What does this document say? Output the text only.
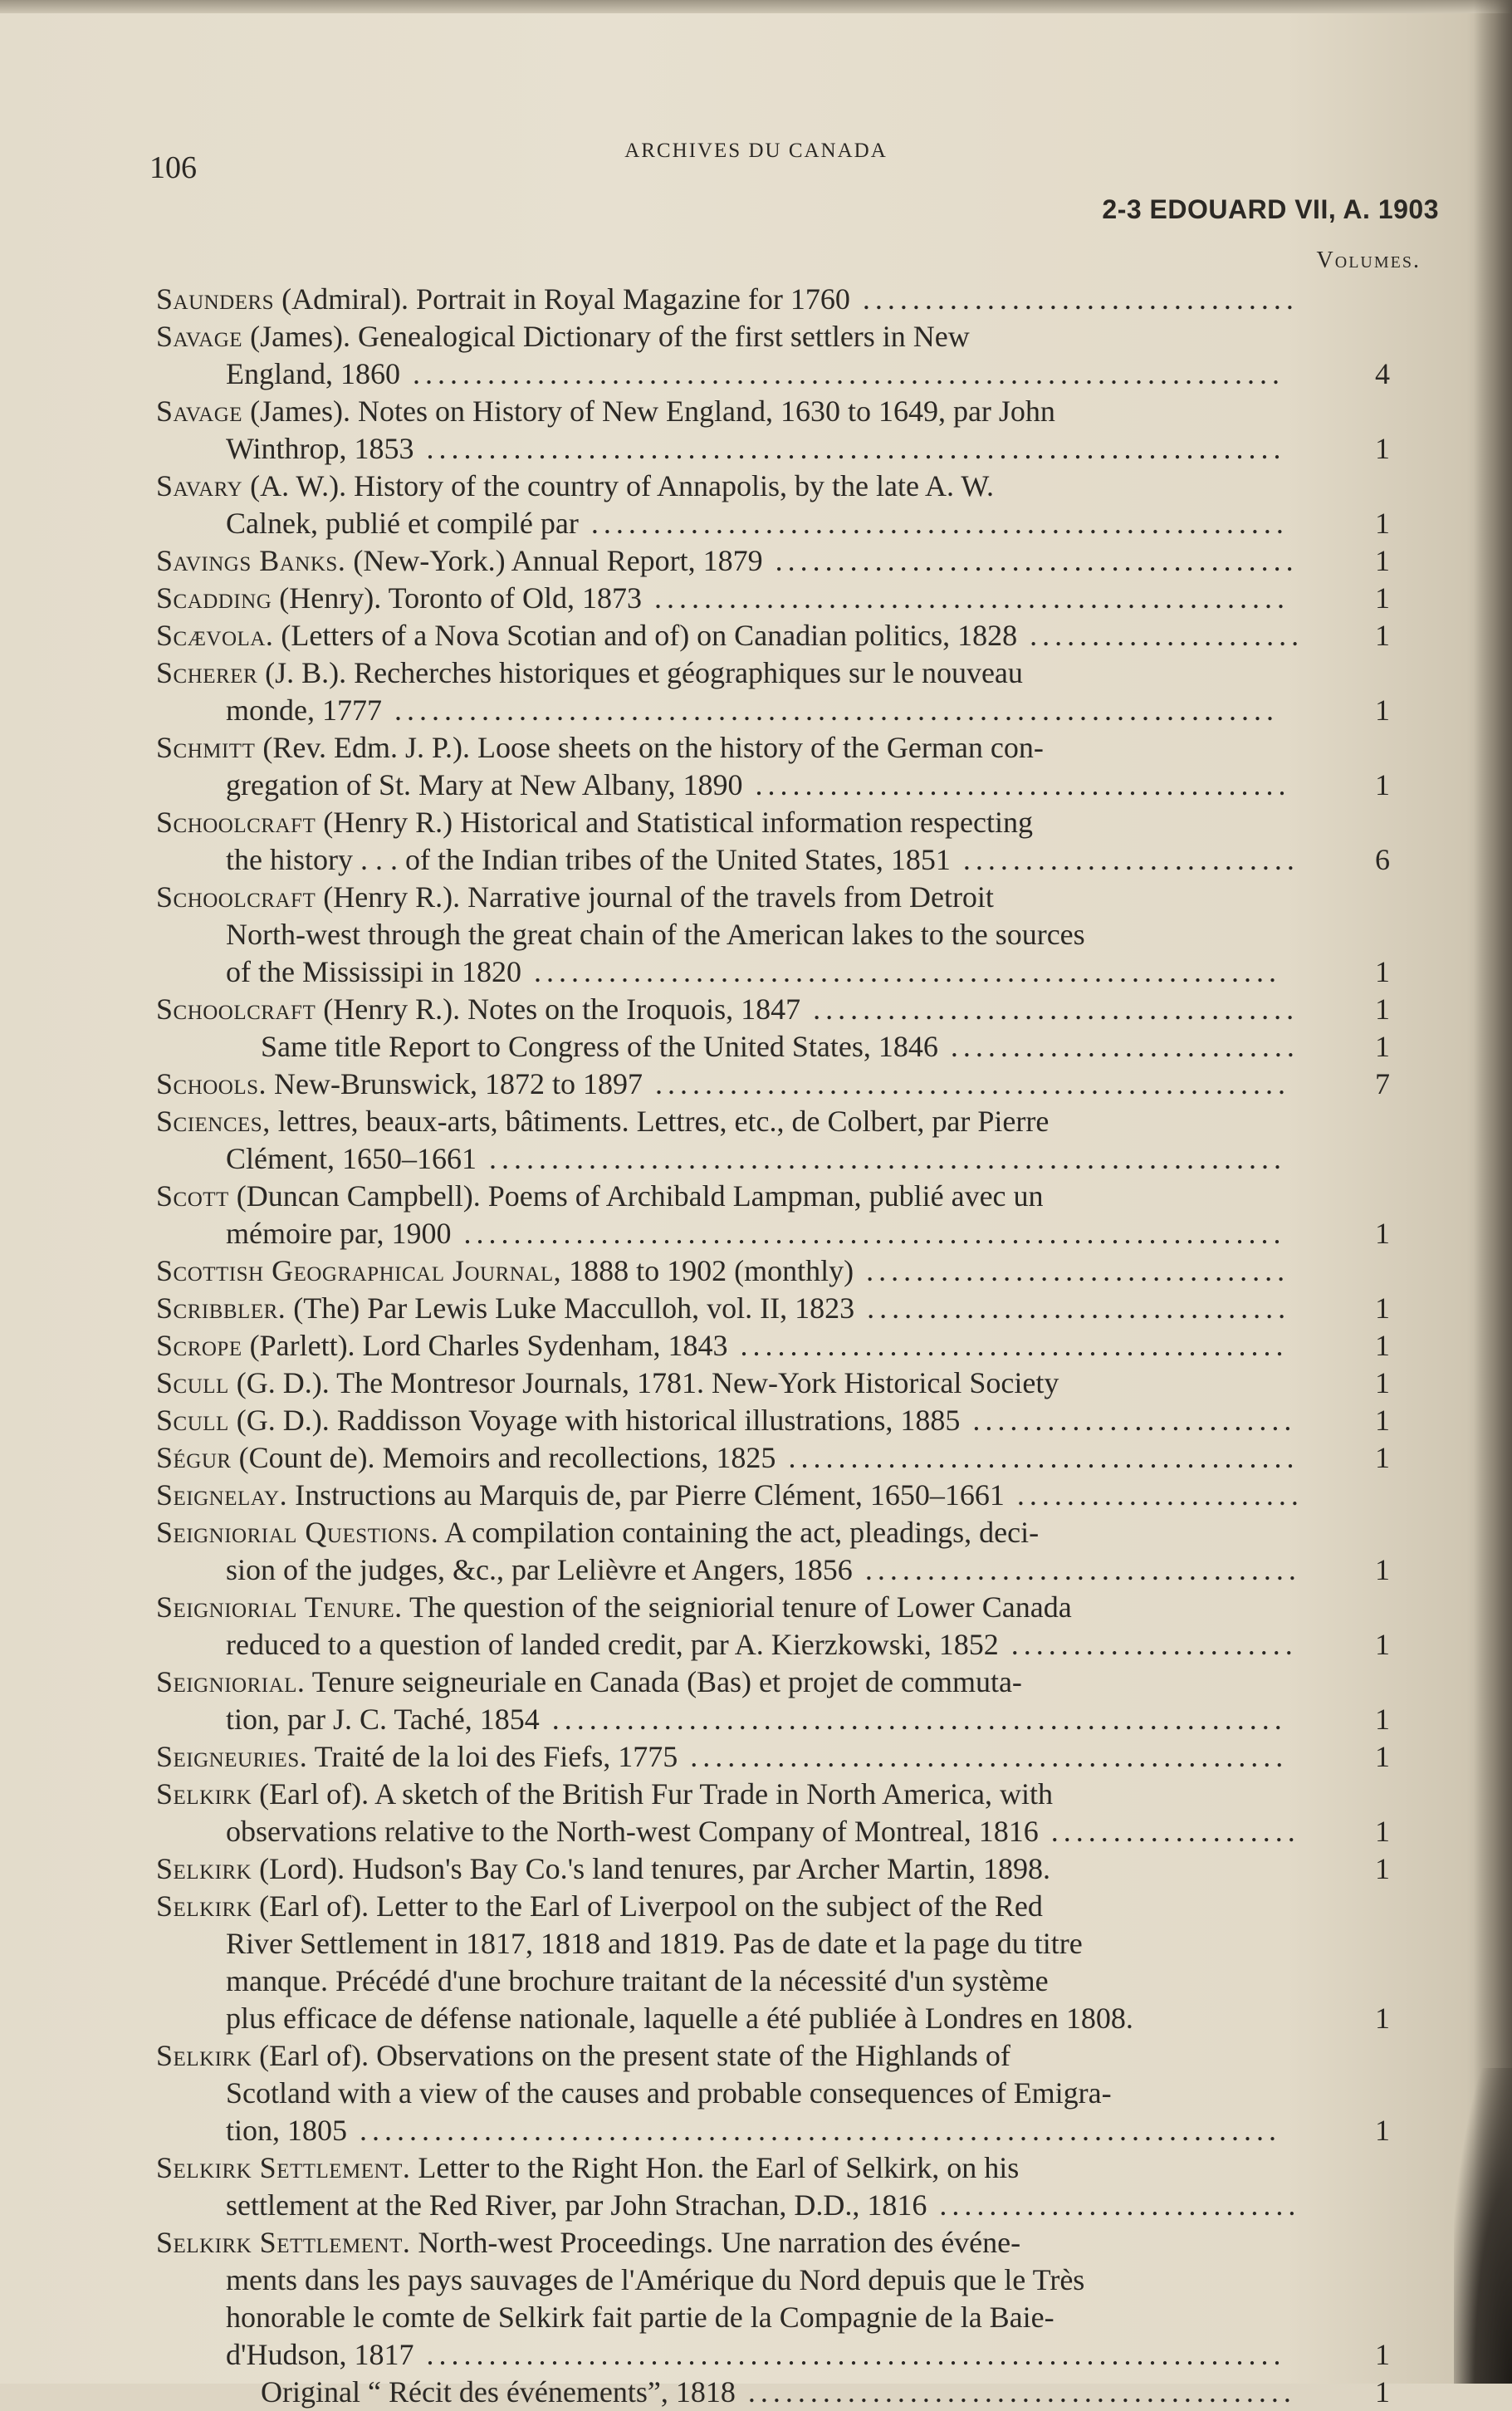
106	ARCHIVES DU CANADA
2-3 EDOUARD VII, A. 1903
Volumes.
Saunders (Admiral). Portrait in Royal Magazine for 1760 ...................................
Savage (James). Genealogical Dictionary of the first settlers in New
England, 1860 ......................................................................	4
Savage (James). Notes on History of New England, 1630 to 1649, par John
Winthrop, 1853 .....................................................................	1
Savary (A. W.). History of the country of Annapolis, by the late A. W.
Calnek, publié et compilé par ........................................................	1
Savings Banks. (New-York.) Annual Report, 1879 ..........................................	1
Scadding (Henry). Toronto of Old, 1873 ...................................................	1
Scævola. (Letters of a Nova Scotian and of) on Canadian politics, 1828 ......................	1
Scherer (J. B.). Recherches historiques et géographiques sur le nouveau
monde, 1777 .......................................................................	1
Schmitt (Rev. Edm. J. P.). Loose sheets on the history of the German con-
gregation of St. Mary at New Albany, 1890 ...........................................	1
Schoolcraft (Henry R.) Historical and Statistical information respecting
the history . . . of the Indian tribes of the United States, 1851 ...........................	6
Schoolcraft (Henry R.). Narrative journal of the travels from Detroit
North-west through the great chain of the American lakes to the sources
of the Mississipi in 1820 ............................................................	1
Schoolcraft (Henry R.). Notes on the Iroquois, 1847 .......................................	1
Same title Report to Congress of the United States, 1846 ............................	1
Schools. New-Brunswick, 1872 to 1897 ...................................................	7
Sciences, lettres, beaux-arts, bâtiments. Lettres, etc., de Colbert, par Pierre
Clément, 1650–1661 ................................................................
Scott (Duncan Campbell). Poems of Archibald Lampman, publié avec un
mémoire par, 1900 ..................................................................	1
Scottish Geographical Journal, 1888 to 1902 (monthly) ..................................
Scribbler. (The) Par Lewis Luke Macculloh, vol. II, 1823 ..................................	1
Scrope (Parlett). Lord Charles Sydenham, 1843 ............................................	1
Scull (G. D.). The Montresor Journals, 1781. New-York Historical Society	1
Scull (G. D.). Raddisson Voyage with historical illustrations, 1885 ..........................	1
Ségur (Count de). Memoirs and recollections, 1825 .........................................	1
Seignelay. Instructions au Marquis de, par Pierre Clément, 1650–1661 .......................
Seigniorial Questions. A compilation containing the act, pleadings, deci-
sion of the judges, &c., par Lelièvre et Angers, 1856 ...................................	1
Seigniorial Tenure. The question of the seigniorial tenure of Lower Canada
reduced to a question of landed credit, par A. Kierzkowski, 1852 .......................	1
Seigniorial. Tenure seigneuriale en Canada (Bas) et projet de commuta-
tion, par J. C. Taché, 1854 ...........................................................	1
Seigneuries. Traité de la loi des Fiefs, 1775 ................................................	1
Selkirk (Earl of). A sketch of the British Fur Trade in North America, with
observations relative to the North-west Company of Montreal, 1816 ....................	1
Selkirk (Lord). Hudson's Bay Co.'s land tenures, par Archer Martin, 1898.	1
Selkirk (Earl of). Letter to the Earl of Liverpool on the subject of the Red
River Settlement in 1817, 1818 and 1819. Pas de date et la page du titre
manque. Précédé d'une brochure traitant de la nécessité d'un système
plus efficace de défense nationale, laquelle a été publiée à Londres en 1808.	1
Selkirk (Earl of). Observations on the present state of the Highlands of
Scotland with a view of the causes and probable consequences of Emigra-
tion, 1805 ..........................................................................	1
Selkirk Settlement. Letter to the Right Hon. the Earl of Selkirk, on his
settlement at the Red River, par John Strachan, D.D., 1816 .............................
Selkirk Settlement. North-west Proceedings. Une narration des événe-
ments dans les pays sauvages de l'Amérique du Nord depuis que le Très
honorable le comte de Selkirk fait partie de la Compagnie de la Baie-
d'Hudson, 1817 .....................................................................	1
Original “ Récit des événements”, 1818 ............................................	1
